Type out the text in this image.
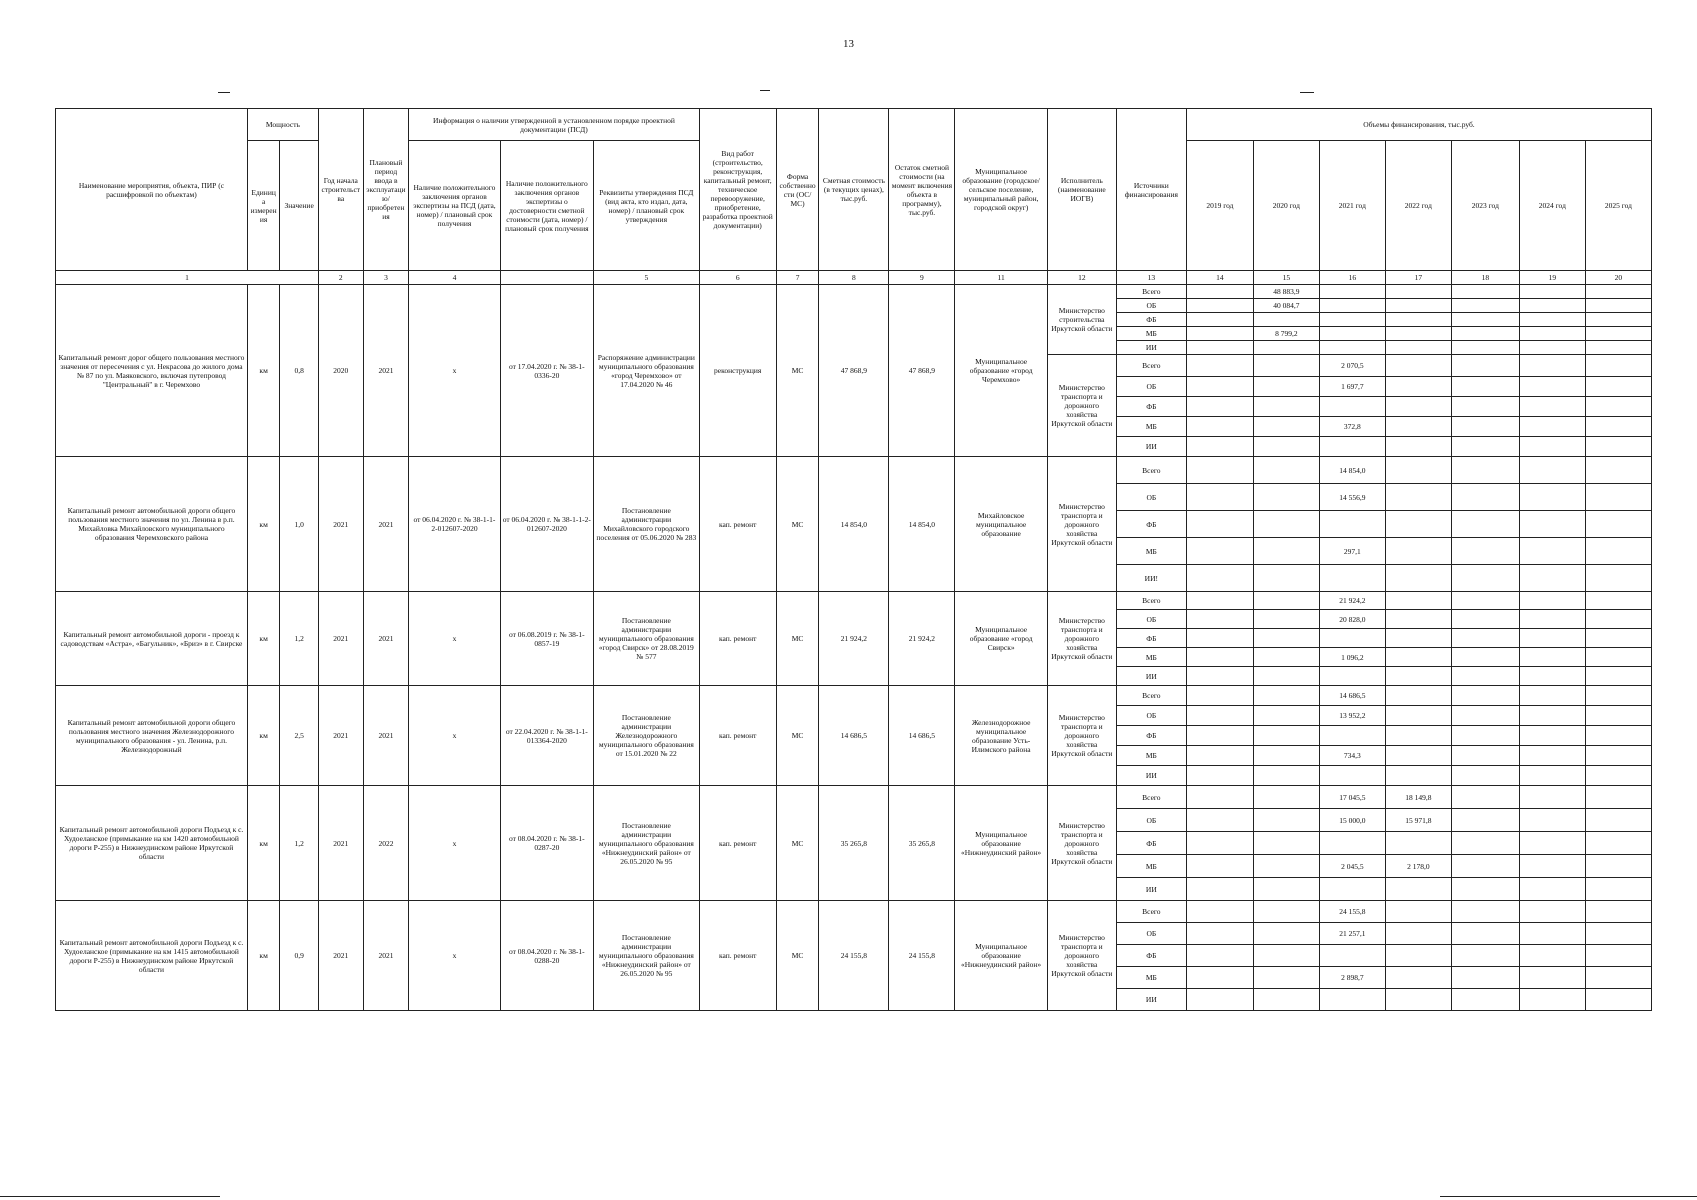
13
Наименование мероприятия, объекта, ПИР (с расшифровкой по объектам)	Мощность		Год начала строительства	Плановый период ввода в эксплуатацию/приобретения	Информация о наличии утвержденной в установленном порядке проектной документации (ПСД)			Вид работ (строительство, реконструкция, капитальный ремонт, техническое перевооружение, приобретение, разработка проектной документации)	Форма собственности (ОС/МС)	Сметная стоимость (в текущих ценах), тыс.руб.	Остаток сметной стоимости (на момент включения объекта в программу), тыс.руб.	Муниципальное образование (городское/сельское поселение, муниципальный район, городской округ)	Исполнитель (наименование ИОГВ)	Источники финансирования	Объемы финансирования, тыс.руб.						
	Единица измерения	Значение			Наличие положительного заключения органов экспертизы на ПСД (дата, номер) / плановый срок получения	Наличие положительного заключения органов экспертизы о достоверности сметной стоимости (дата, номер) / плановый срок получения	Реквизиты утверждения ПСД (вид акта, кто издал, дата, номер) / плановый срок утверждения								2019 год	2020 год	2021 год	2022 год	2023 год	2024 год	2025 год
1			2	3	4		5	6	7	8	9	11	12	13	14	15	16	17	18	19	20
Капитальный ремонт дорог общего пользования местного значения от пересечения с ул. Некрасова до жилого дома № 87 по ул. Маяковского, включая путепровод "Центральный" в г. Черемхово	км	0,8	2020	2021	х	от 17.04.2020 г. № 38-1-0336-20	Распоряжение администрации муниципального образования «город Черемхово» от 17.04.2020 № 46	реконструкция	МС	47 868,9	47 868,9	Муниципальное образование «город Черемхово»	Министерство строительства Иркутской области	Всего		48 883,9					
														ОБ		40 084,7					
														ФБ							
														МБ		8 799,2					
														ИИ							
													Министерство транспорта и дорожного хозяйства Иркутской области	Всего			2 070,5				
														ОБ			1 697,7				
														ФБ							
														МБ			372,8				
														ИИ							
Капитальный ремонт автомобильной дороги общего пользования местного значения по ул. Ленина в р.п. Михайловка Михайловского муниципального образования Черемховского района	км	1,0	2021	2021	от 06.04.2020 г. № 38-1-1-2-012607-2020	от 06.04.2020 г. № 38-1-1-2-012607-2020	Постановление администрации Михайловского городского поселения от 05.06.2020 № 283	кап. ремонт	МС	14 854,0	14 854,0	Михайловское муниципальное образование	Министерство транспорта и дорожного хозяйства Иркутской области	Всего			14 854,0				
														ОБ			14 556,9				
														ФБ							
														МБ			297,1				
														ИИ!							
Капитальный ремонт автомобильной дороги - проезд к садоводствам «Астра», «Багульник», «Бриз» в г. Свирске	км	1,2	2021	2021	х	от 06.08.2019 г. № 38-1-0857-19	Постановление администрации муниципального образования «город Свирск» от 28.08.2019 № 577	кап. ремонт	МС	21 924,2	21 924,2	Муниципальное образование «город Свирск»	Министерство транспорта и дорожного хозяйства Иркутской области	Всего			21 924,2				
														ОБ			20 828,0				
														ФБ							
														МБ			1 096,2				
														ИИ							
Капитальный ремонт автомобильной дороги общего пользования местного значения Железнодорожного муниципального образования - ул. Ленина, р.п. Железнодорожный	км	2,5	2021	2021	х	от 22.04.2020 г. № 38-1-1-013364-2020	Постановление администрации Железнодорожного муниципального образования от 15.01.2020 № 22	кап. ремонт	МС	14 686,5	14 686,5	Железнодорожное муниципальное образование Усть-Илимского района	Министерство транспорта и дорожного хозяйства Иркутской области	Всего			14 686,5				
														ОБ			13 952,2				
														ФБ							
														МБ			734,3				
														ИИ							
Капитальный ремонт автомобильной дороги Подъезд к с. Худоеланское (примыкание на км 1420 автомобильной дороги Р-255) в Нижнеудинском районе Иркутской области	км	1,2	2021	2022	х	от 08.04.2020 г. № 38-1-0287-20	Постановление администрации муниципального образования «Нижнеудинский район» от 26.05.2020 № 95	кап. ремонт	МС	35 265,8	35 265,8	Муниципальное образование «Нижнеудинский район»	Министерство транспорта и дорожного хозяйства Иркутской области	Всего			17 045,5	18 149,8			
														ОБ			15 000,0	15 971,8			
														ФБ							
														МБ			2 045,5	2 178,0			
														ИИ							
Капитальный ремонт автомобильной дороги Подъезд к с. Худоеланское (примыкание на км 1415 автомобильной дороги Р-255) в Нижнеудинском районе Иркутской области	км	0,9	2021	2021	х	от 08.04.2020 г. № 38-1-0288-20	Постановление администрации муниципального образования «Нижнеудинский район» от 26.05.2020 № 95	кап. ремонт	МС	24 155,8	24 155,8	Муниципальное образование «Нижнеудинский район»	Министерство транспорта и дорожного хозяйства Иркутской области	Всего			24 155,8				
														ОБ			21 257,1				
														ФБ							
														МБ			2 898,7				
														ИИ							
